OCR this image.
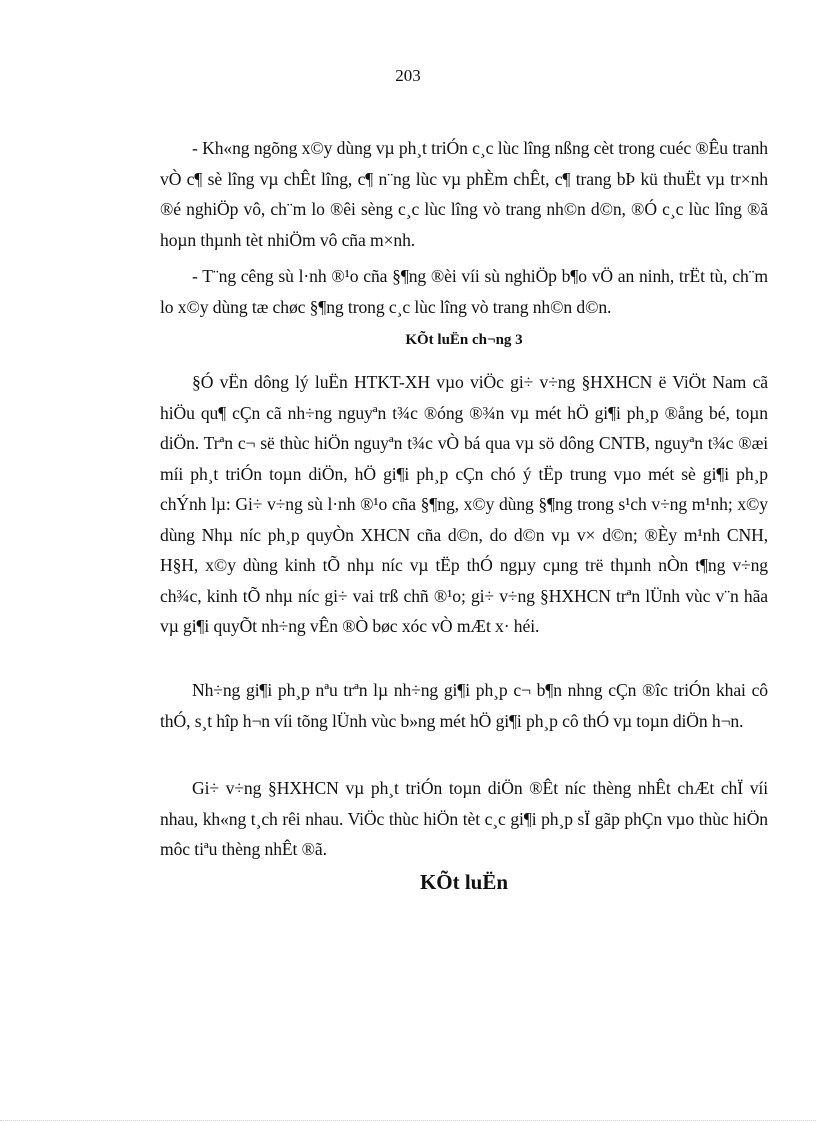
203

- Kh«ng ngõng x©y dùng vµ ph¸t triÓn c¸c lùc lîng nßng cèt trong cuéc ®Êu tranh vÒ c¶ sè lîng vµ chÊt lîng, c¶ n¨ng lùc vµ phÈm chÊt, c¶ trang bÞ kü thuËt vµ tr×nh ®é nghiÖp vô, ch¨m lo ®êi sèng c¸c lùc lîng vò trang nh©n d©n, ®Ó c¸c lùc lîng ®ã hoµn thµnh tèt nhiÖm vô cña m×nh.

- T¨ng cêng sù l·nh ®¹o cña §¶ng ®èi víi sù nghiÖp b¶o vÖ an ninh, trËt tù, ch¨m lo x©y dùng tæ chøc §¶ng trong c¸c lùc lîng vò trang nh©n d©n.

KÕt luËn ch¬ng 3

§Ó vËn dông lý luËn HTKT-XH vµo viÖc gi÷ v÷ng §HXHCN ë ViÖt Nam cã hiÖu qu¶ cÇn cã nh÷ng nguyªn t¾c ®óng ®¾n vµ mét hÖ gi¶i ph¸p ®ång bé, toµn diÖn. Trªn c¬ së thùc hiÖn nguyªn t¾c vÒ bá qua vµ sö dông CNTB, nguyªn t¾c ®æi míi ph¸t triÓn toµn diÖn, hÖ gi¶i ph¸p cÇn chó ý tËp trung vµo mét sè gi¶i ph¸p chÝnh lµ: Gi÷ v÷ng sù l·nh ®¹o cña §¶ng, x©y dùng §¶ng trong s¹ch v÷ng m¹nh; x©y dùng Nhµ níc ph¸p quyÒn XHCN cña d©n, do d©n vµ v× d©n; ®Èy m¹nh CNH, H§H, x©y dùng kinh tÕ nhµ níc vµ tËp thÓ ngµy cµng trë thµnh nÒn t¶ng v÷ng ch¾c, kinh tÕ nhµ níc gi÷ vai trß chñ ®¹o; gi÷ v÷ng §HXHCN trªn lÜnh vùc v¨n hãa vµ gi¶i quyÕt nh÷ng vÊn ®Ò bøc xóc vÒ mÆt x· héi.

Nh÷ng gi¶i ph¸p nªu trªn lµ nh÷ng gi¶i ph¸p c¬ b¶n nhng cÇn ®îc triÓn khai cô thÓ, s¸t hîp h¬n víi tõng lÜnh vùc b»ng mét hÖ gi¶i ph¸p cô thÓ vµ toµn diÖn h¬n.

Gi÷ v÷ng §HXHCN vµ ph¸t triÓn toµn diÖn ®Êt níc thèng nhÊt chÆt chÏ víi nhau, kh«ng t¸ch rêi nhau. ViÖc thùc hiÖn tèt c¸c gi¶i ph¸p sÏ gãp phÇn vµo thùc hiÖn môc tiªu thèng nhÊt ®ã.

KÕt luËn
